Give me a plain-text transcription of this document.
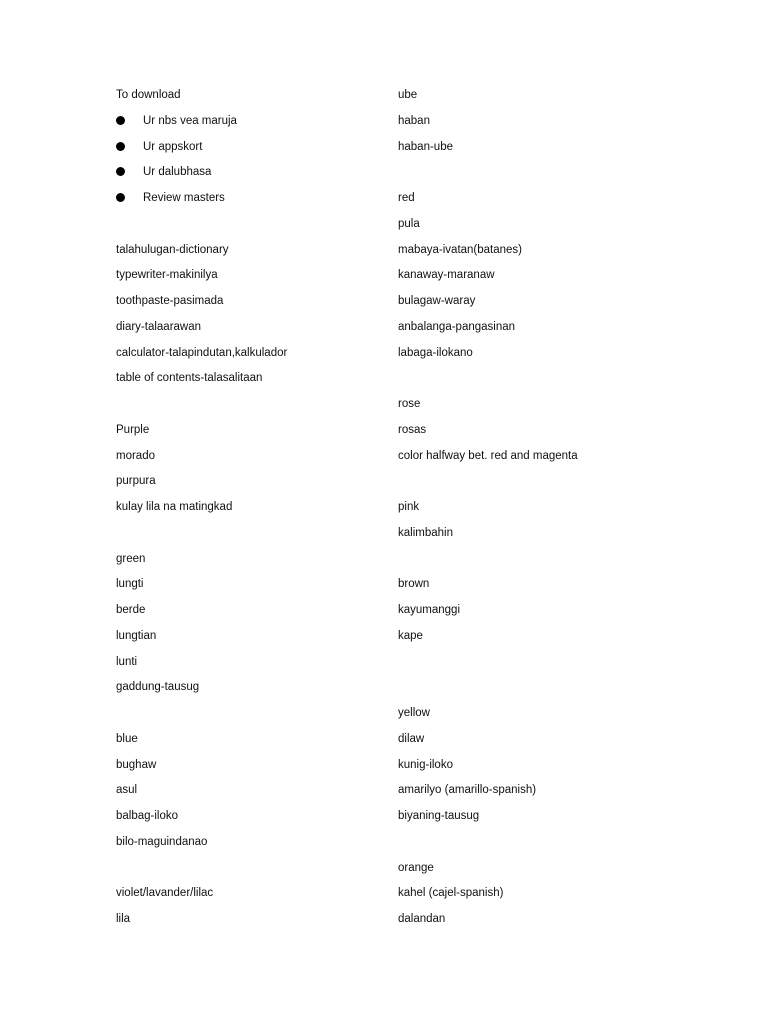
To download
Ur nbs vea maruja
Ur appskort
Ur dalubhasa
Review masters
talahulugan-dictionary
typewriter-makinilya
toothpaste-pasimada
diary-talaarawan
calculator-talapindutan,kalkulador
table of contents-talasalitaan
Purple
morado
purpura
kulay lila na matingkad
green
lungti
berde
lungtian
lunti
gaddung-tausug
blue
bughaw
asul
balbag-iloko
bilo-maguindanao
violet/lavander/lilac
lila
ube
haban
haban-ube
red
pula
mabaya-ivatan(batanes)
kanaway-maranaw
bulagaw-waray
anbalanga-pangasinan
labaga-ilokano
rose
rosas
color halfway bet. red and magenta
pink
kalimbahin
brown
kayumanggi
kape
yellow
dilaw
kunig-iloko
amarilyo (amarillo-spanish)
biyaning-tausug
orange
kahel (cajel-spanish)
dalandan
